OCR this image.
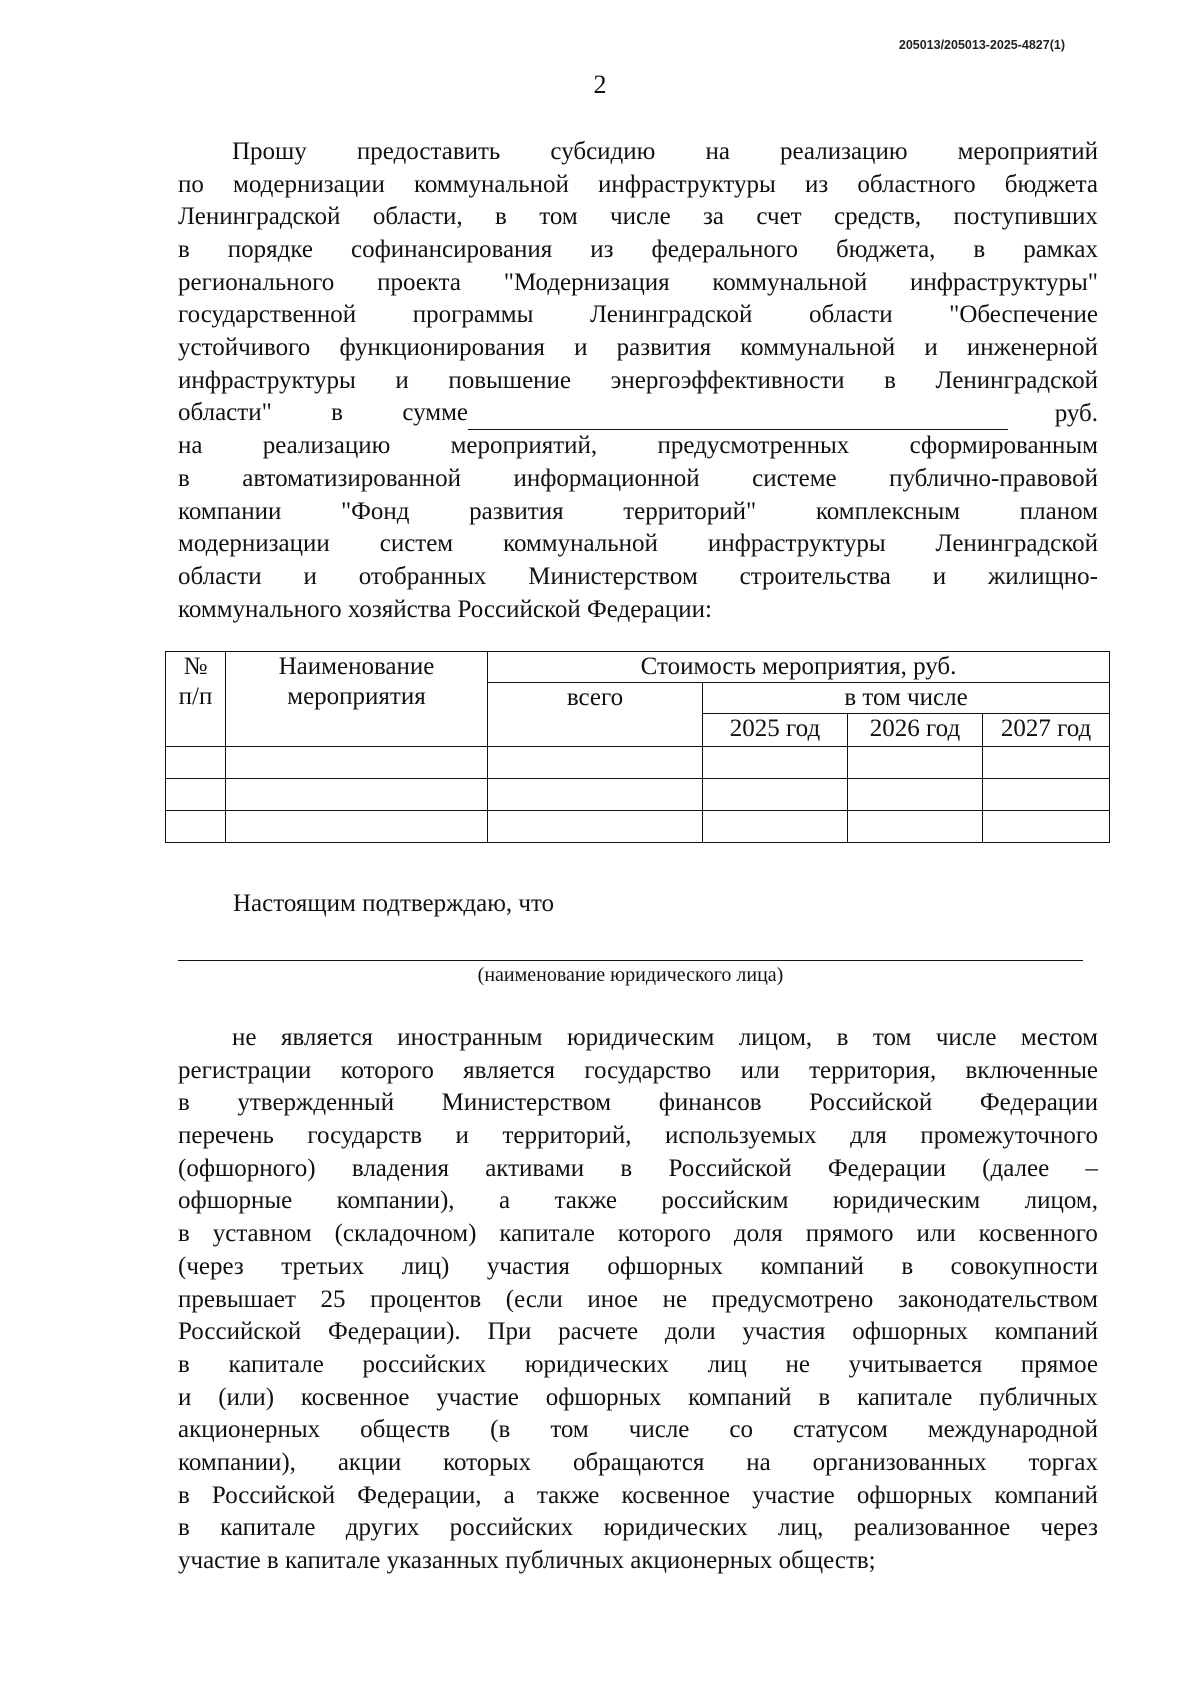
205013/205013-2025-4827(1)
2
Прошу предоставить субсидию на реализацию мероприятий
по модернизации коммунальной инфраструктуры из областного бюджета
Ленинградской области, в том числе за счет средств, поступивших
в порядке софинансирования из федерального бюджета, в рамках
регионального проекта "Модернизация коммунальной инфраструктуры"
государственной программы Ленинградской области "Обеспечение
устойчивого функционирования и развития коммунальной и инженерной
инфраструктуры и повышение энергоэффективности в Ленинградской
области" в сумме	руб.
на реализацию мероприятий, предусмотренных сформированным
в автоматизированной информационной системе публично-правовой
компании "Фонд развития территорий" комплексным планом
модернизации систем коммунальной инфраструктуры Ленинградской
области и отобранных Министерством строительства и жилищно-
коммунального хозяйства Российской Федерации:
№ п/п	Наименование мероприятия	Стоимость мероприятия, руб.			
		всего	в том числе		
			2025 год	2026 год	2027 год

Настоящим подтверждаю, что
(наименование юридического лица)
не является иностранным юридическим лицом, в том числе местом
регистрации которого является государство или территория, включенные
в утвержденный Министерством финансов Российской Федерации
перечень государств и территорий, используемых для промежуточного
(офшорного) владения активами в Российской Федерации (далее –
офшорные компании), а также российским юридическим лицом,
в уставном (складочном) капитале которого доля прямого или косвенного
(через третьих лиц) участия офшорных компаний в совокупности
превышает 25 процентов (если иное не предусмотрено законодательством
Российской Федерации). При расчете доли участия офшорных компаний
в капитале российских юридических лиц не учитывается прямое
и (или) косвенное участие офшорных компаний в капитале публичных
акционерных обществ (в том числе со статусом международной
компании), акции которых обращаются на организованных торгах
в Российской Федерации, а также косвенное участие офшорных компаний
в капитале других российских юридических лиц, реализованное через
участие в капитале указанных публичных акционерных обществ;
